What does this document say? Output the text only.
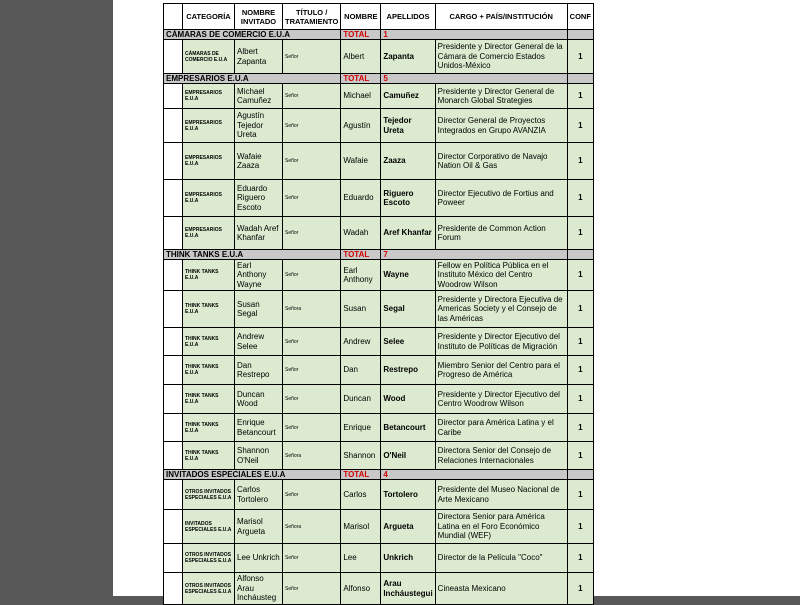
	CATEGORÍA	NOMBRE INVITADO	TÍTULO / TRATAMIENTO	NOMBRE	APELLIDOS	CARGO + PAÍS/INSTITUCIÓN	CONF
CÁMARAS DE COMERCIO E.U.A				TOTAL	1		
	CÁMARAS DE COMERCIO E.U.A	Albert Zapanta	Señor	Albert	Zapanta	Presidente y Director General de la Cámara de Comercio Estados Unidos-México	1
EMPRESARIOS E.U.A				TOTAL	5		
	EMPRESARIOS E.U.A	Michael Camuñez	Señor	Michael	Camuñez	Presidente y Director General de Monarch Global Strategies	1
	EMPRESARIOS E.U.A	Agustín Tejedor Ureta	Señor	Agustín	Tejedor Ureta	Director General de Proyectos Integrados en Grupo AVANZIA	1
	EMPRESARIOS E.U.A	Wafaie Zaaza	Señor	Wafaie	Zaaza	Director Corporativo de Navajo Nation Oil & Gas	1
	EMPRESARIOS E.U.A	Eduardo Riguero Escoto	Señor	Eduardo	Riguero Escoto	Director Ejecutivo de Fortius and Poweer	1
	EMPRESARIOS E.U.A	Wadah Aref Khanfar	Señor	Wadah	Aref Khanfar	Presidente de Common Action Forum	1
THINK TANKS E.U.A				TOTAL	7		
	THINK TANKS E.U.A	Earl Anthony Wayne	Señor	Earl Anthony	Wayne	Fellow en Política Pública en el Instituto México del Centro Woodrow Wilson	1
	THINK TANKS E.U.A	Susan Segal	Señora	Susan	Segal	Presidente y Directora Ejecutiva de Americas Society y el Consejo de las Américas	1
	THINK TANKS E.U.A	Andrew Selee	Señor	Andrew	Selee	Presidente y Director Ejecutivo del Instituto de Políticas de Migración	1
	THINK TANKS E.U.A	Dan Restrepo	Señor	Dan	Restrepo	Miembro Senior del Centro para el Progreso de América	1
	THINK TANKS E.U.A	Duncan Wood	Señor	Duncan	Wood	Presidente y Director Ejecutivo del Centro Woodrow Wilson	1
	THINK TANKS E.U.A	Enrique Betancourt	Señor	Enrique	Betancourt	Director para América Latina y el Caribe	1
	THINK TANKS E.U.A	Shannon O'Neil	Señora	Shannon	O'Neil	Directora Senior del Consejo de Relaciones Internacionales	1
INVITADOS ESPECIALES E.U.A				TOTAL	4		
	OTROS INVITADOS ESPECIALES E.U.A	Carlos Tortolero	Señor	Carlos	Tortolero	Presidente del Museo Nacional de Arte Mexicano	1
	INVITADOS ESPECIALES E.U.A	Marisol Argueta	Señora	Marisol	Argueta	Directora Senior para América Latina en el Foro Económico Mundial (WEF)	1
	OTROS INVITADOS ESPECIALES E.U.A	Lee Unkrich	Señor	Lee	Unkrich	Director de la Película "Coco"	1
	OTROS INVITADOS ESPECIALES E.U.A	Alfonso Arau Incháusteg	Señor	Alfonso	Arau Incháustegui	Cineasta Mexicano	1
